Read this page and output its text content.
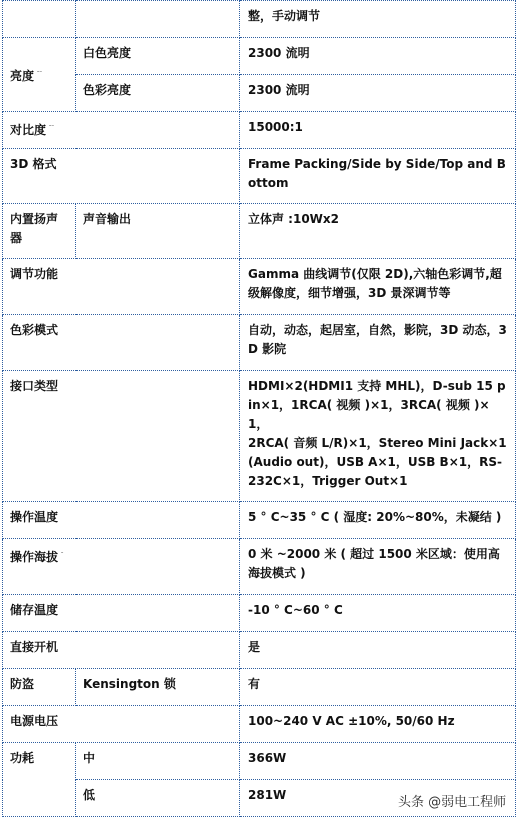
		整，手动调节
亮度 $^{ᵔᵔ}$	白色亮度	2300 流明
	色彩亮度	2300 流明
对比度 $^{ᵔᵔ}$		15000:1
3D 格式		Frame Packing/Side by Side/Top and Bottom
内置扬声器	声音输出	立体声 :10Wx2
调节功能		Gamma 曲线调节(仅限 2D),六轴色彩调节,超级解像度，细节增强，3D 景深调节等
色彩模式		自动，动态，起居室，自然，影院，3D 动态，3D 影院
接口类型		HDMI×2(HDMI1 支持 MHL)，D-sub 15 pin×1，1RCA( 视频 )×1，3RCA( 视频 )×1，
2RCA( 音频 L/R)×1，Stereo Mini Jack×1(Audio out)，USB A×1，USB B×1，RS-232C×1，Trigger Out×1

操作温度		5 ° C~35 ° C ( 湿度: 20%~80%，未凝结 )
操作海拔 $^ᵔ$		0 米 ~2000 米 ( 超过 1500 米区域：使用高海拔模式 )
储存温度		-10 ° C~60 ° C
直接开机		是
防盗	Kensington 锁	有
电源电压		100~240 V AC ±10%, 50/60 Hz
功耗	中	366W
	低	281W	头条 @弱电工程师
